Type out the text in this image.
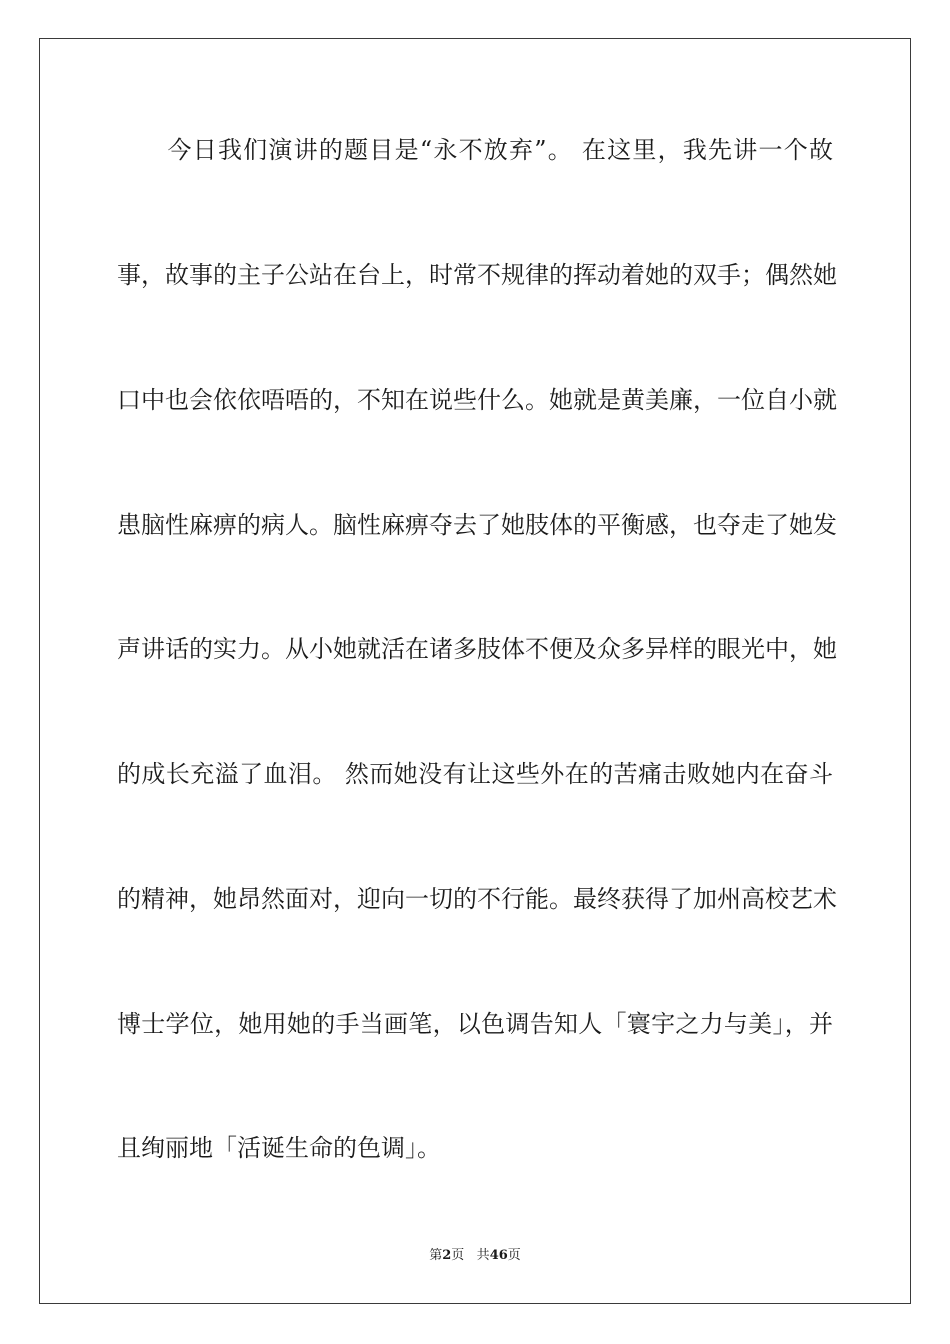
　　今日我们演讲的题目是“永不放弃”。 在这里，我先讲一个故
事，故事的主子公站在台上，时常不规律的挥动着她的双手；偶然她
口中也会依依唔唔的，不知在说些什么。她就是黄美廉，一位自小就
患脑性麻痹的病人。脑性麻痹夺去了她肢体的平衡感，也夺走了她发
声讲话的实力。从小她就活在诸多肢体不便及众多异样的眼光中，她
的成长充溢了血泪。 然而她没有让这些外在的苦痛击败她内在奋斗
的精神，她昂然面对，迎向一切的不行能。最终获得了加州高校艺术
博士学位，她用她的手当画笔，以色调告知人「寰宇之力与美」，并
且绚丽地「活诞生命的色调」。
第2页 共46页
